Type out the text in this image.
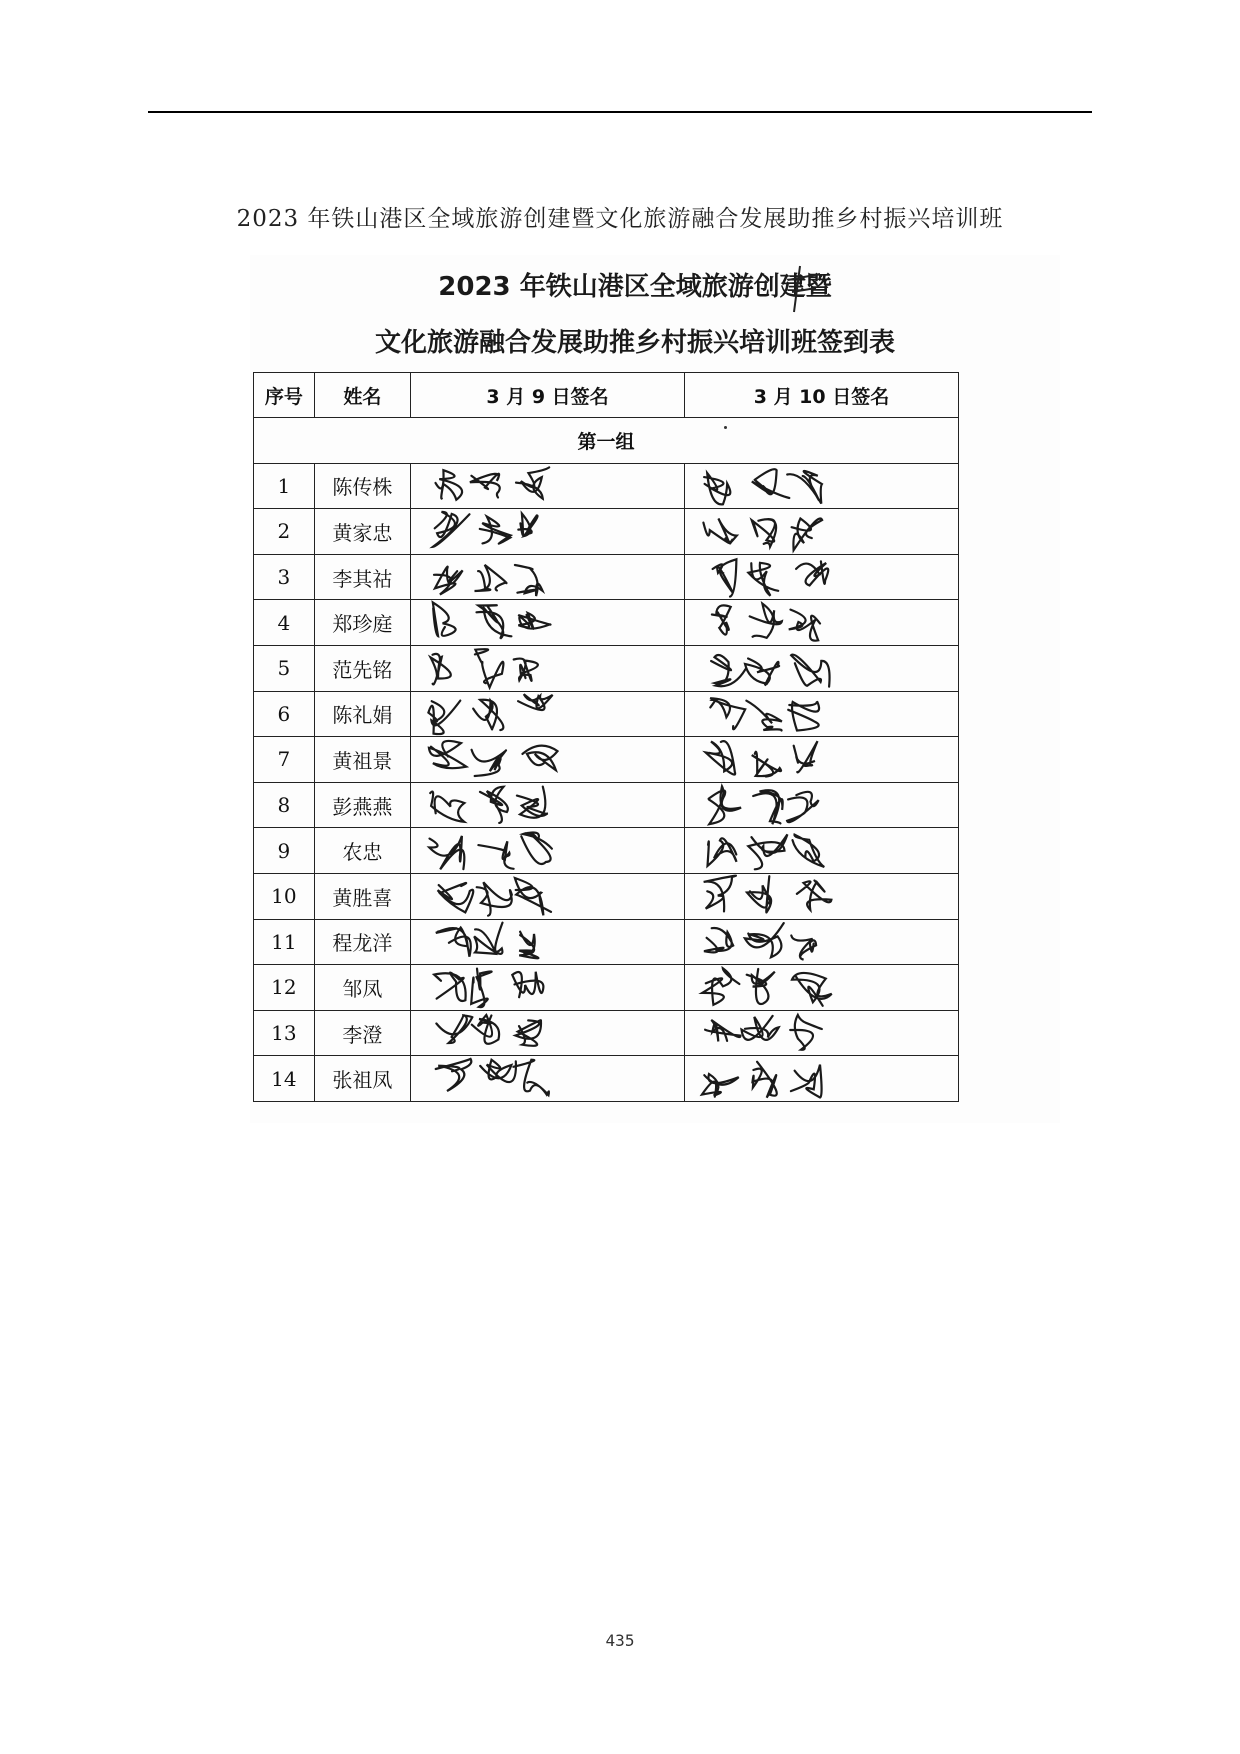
2023 年铁山港区全域旅游创建暨文化旅游融合发展助推乡村振兴培训班
2023 年铁山港区全域旅游创建暨
文化旅游融合发展助推乡村振兴培训班签到表
序号	姓名	3 月 9 日签名	3 月 10 日签名
第一组			

1	陈传株	

2	黄家忠	

3	李其祜	

4	郑珍庭	

5	范先铭	

6	陈礼娟	

7	黄祖景	

8	彭燕燕	

9	农忠	

10	黄胜喜	

11	程龙洋	

12	邹凤	

13	李澄	

14	张祖凤	

435
